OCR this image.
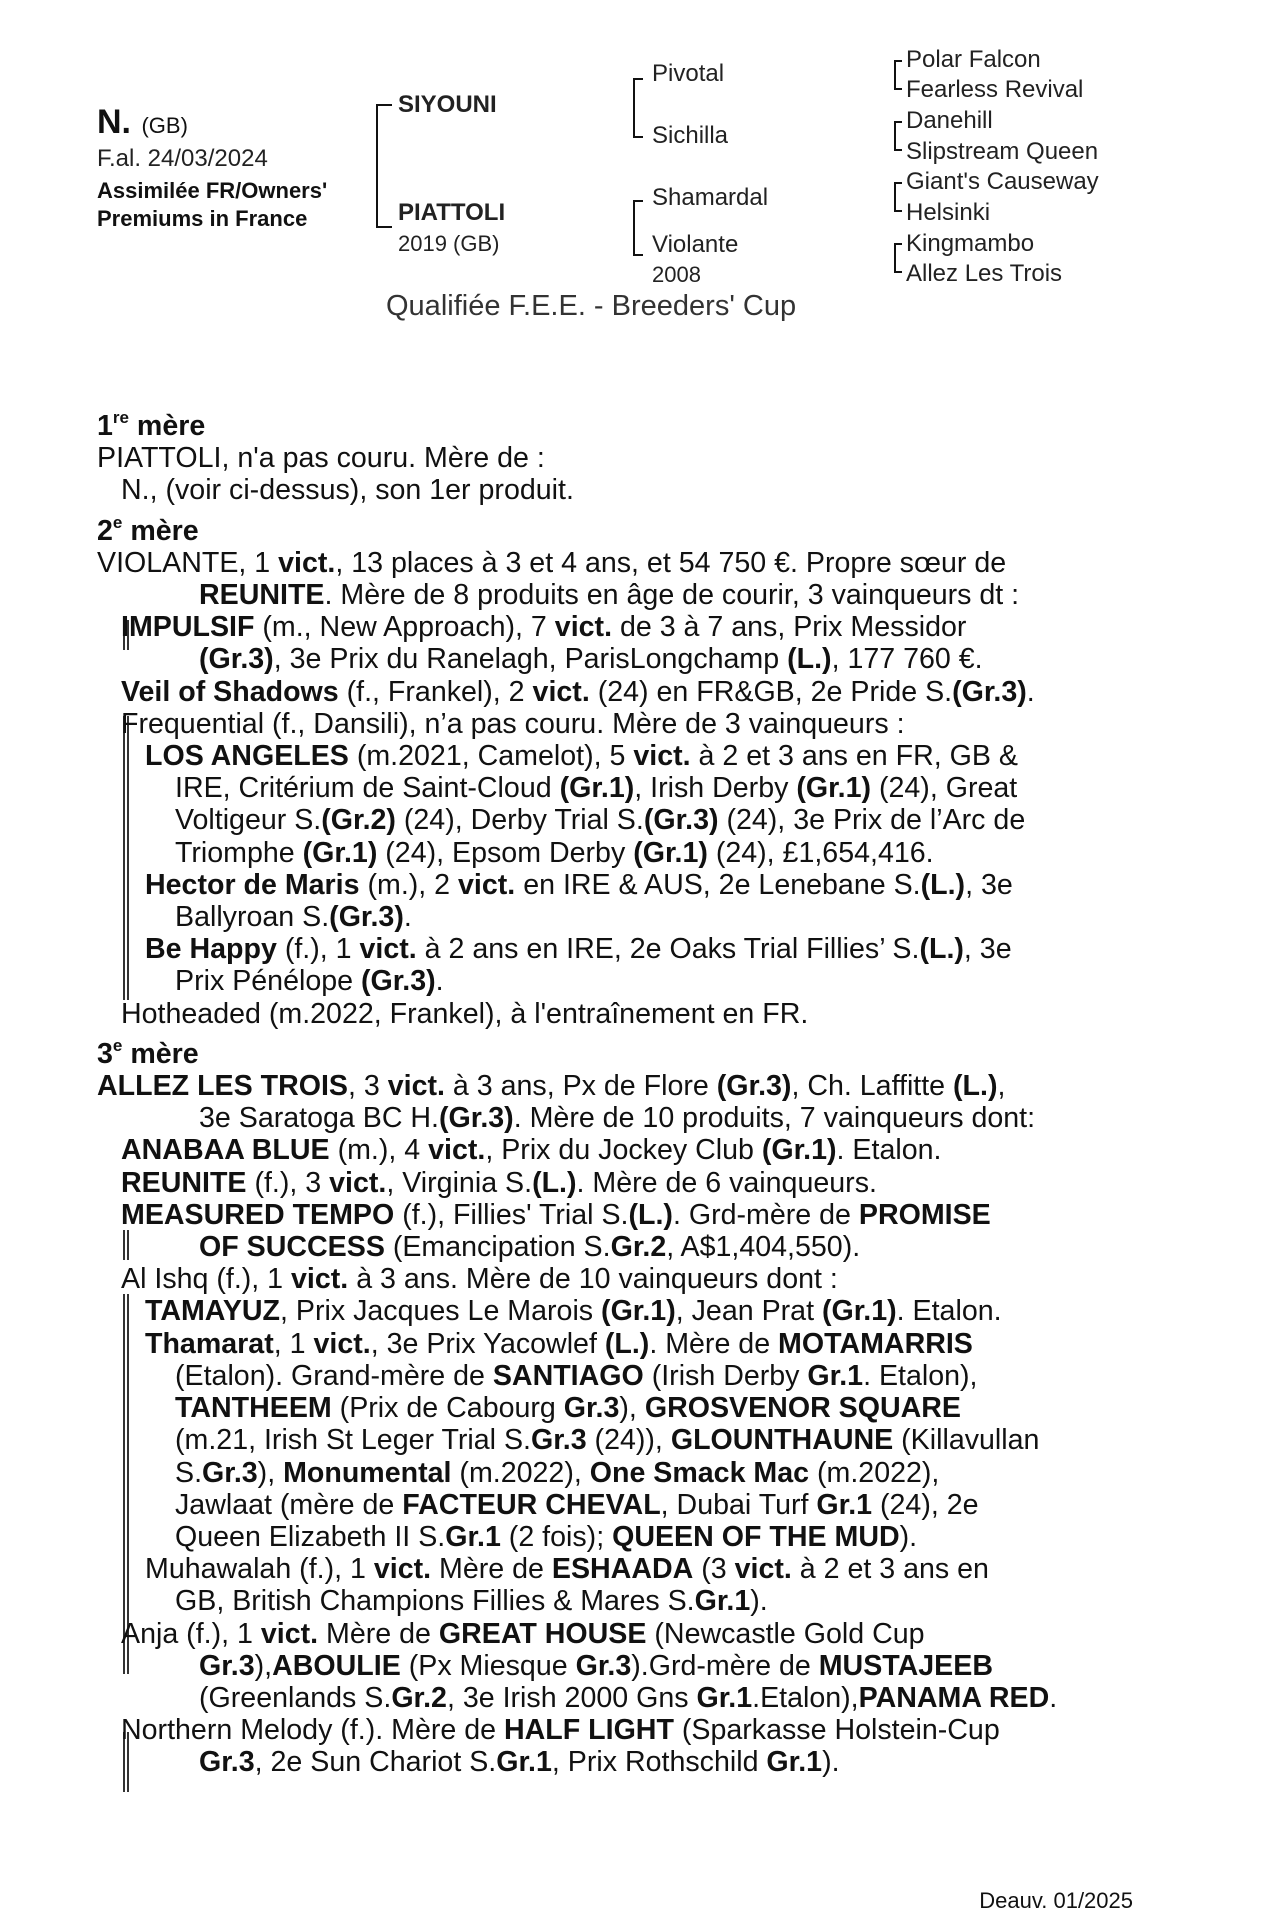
N. (GB)
F.al. 24/03/2024
Assimilée FR/Owners'
Premiums in France
SIYOUNI
PIATTOLI
2019 (GB)
Pivotal
Sichilla
Shamardal
Violante
2008
Polar Falcon
Fearless Revival
Danehill
Slipstream Queen
Giant's Causeway
Helsinki
Kingmambo
Allez Les Trois
Qualifiée F.E.E. - Breeders' Cup
1re mère
PIATTOLI, n'a pas couru. Mère de :
N., (voir ci-dessus), son 1er produit.
2e mère
VIOLANTE, 1 vict., 13 places à 3 et 4 ans, et 54 750 €. Propre sœur de
REUNITE. Mère de 8 produits en âge de courir, 3 vainqueurs dt :
IMPULSIF (m., New Approach), 7 vict. de 3 à 7 ans, Prix Messidor
(Gr.3), 3e Prix du Ranelagh, ParisLongchamp (L.), 177 760 €.
Veil of Shadows (f., Frankel), 2 vict. (24) en FR&GB, 2e Pride S.(Gr.3).
Frequential (f., Dansili), n’a pas couru. Mère de 3 vainqueurs :
LOS ANGELES (m.2021, Camelot), 5 vict. à 2 et 3 ans en FR, GB &
IRE, Critérium de Saint-Cloud (Gr.1), Irish Derby (Gr.1) (24), Great
Voltigeur S.(Gr.2) (24), Derby Trial S.(Gr.3) (24), 3e Prix de l’Arc de
Triomphe (Gr.1) (24), Epsom Derby (Gr.1) (24), £1,654,416.
Hector de Maris (m.), 2 vict. en IRE & AUS, 2e Lenebane S.(L.), 3e
Ballyroan S.(Gr.3).
Be Happy (f.), 1 vict. à 2 ans en IRE, 2e Oaks Trial Fillies’ S.(L.), 3e
Prix Pénélope (Gr.3).
Hotheaded (m.2022, Frankel), à l'entraînement en FR.
3e mère
ALLEZ LES TROIS, 3 vict. à 3 ans, Px de Flore (Gr.3), Ch. Laffitte (L.),
3e Saratoga BC H.(Gr.3). Mère de 10 produits, 7 vainqueurs dont:
ANABAA BLUE (m.), 4 vict., Prix du Jockey Club (Gr.1). Etalon.
REUNITE (f.), 3 vict., Virginia S.(L.). Mère de 6 vainqueurs.
MEASURED TEMPO (f.), Fillies' Trial S.(L.). Grd-mère de PROMISE
OF SUCCESS (Emancipation S.Gr.2, A$1,404,550).
Al Ishq (f.), 1 vict. à 3 ans. Mère de 10 vainqueurs dont :
TAMAYUZ, Prix Jacques Le Marois (Gr.1), Jean Prat (Gr.1). Etalon.
Thamarat, 1 vict., 3e Prix Yacowlef (L.). Mère de MOTAMARRIS
(Etalon). Grand-mère de SANTIAGO (Irish Derby Gr.1. Etalon),
TANTHEEM (Prix de Cabourg Gr.3), GROSVENOR SQUARE
(m.21, Irish St Leger Trial S.Gr.3 (24)), GLOUNTHAUNE (Killavullan
S.Gr.3), Monumental (m.2022), One Smack Mac (m.2022),
Jawlaat (mère de FACTEUR CHEVAL, Dubai Turf Gr.1 (24), 2e
Queen Elizabeth II S.Gr.1 (2 fois); QUEEN OF THE MUD).
Muhawalah (f.), 1 vict. Mère de ESHAADA (3 vict. à 2 et 3 ans en
GB, British Champions Fillies & Mares S.Gr.1).
Anja (f.), 1 vict. Mère de GREAT HOUSE (Newcastle Gold Cup
Gr.3),ABOULIE (Px Miesque Gr.3).Grd-mère de MUSTAJEEB
(Greenlands S.Gr.2, 3e Irish 2000 Gns Gr.1.Etalon),PANAMA RED.
Northern Melody (f.). Mère de HALF LIGHT (Sparkasse Holstein-Cup
Gr.3, 2e Sun Chariot S.Gr.1, Prix Rothschild Gr.1).
Deauv. 01/2025
